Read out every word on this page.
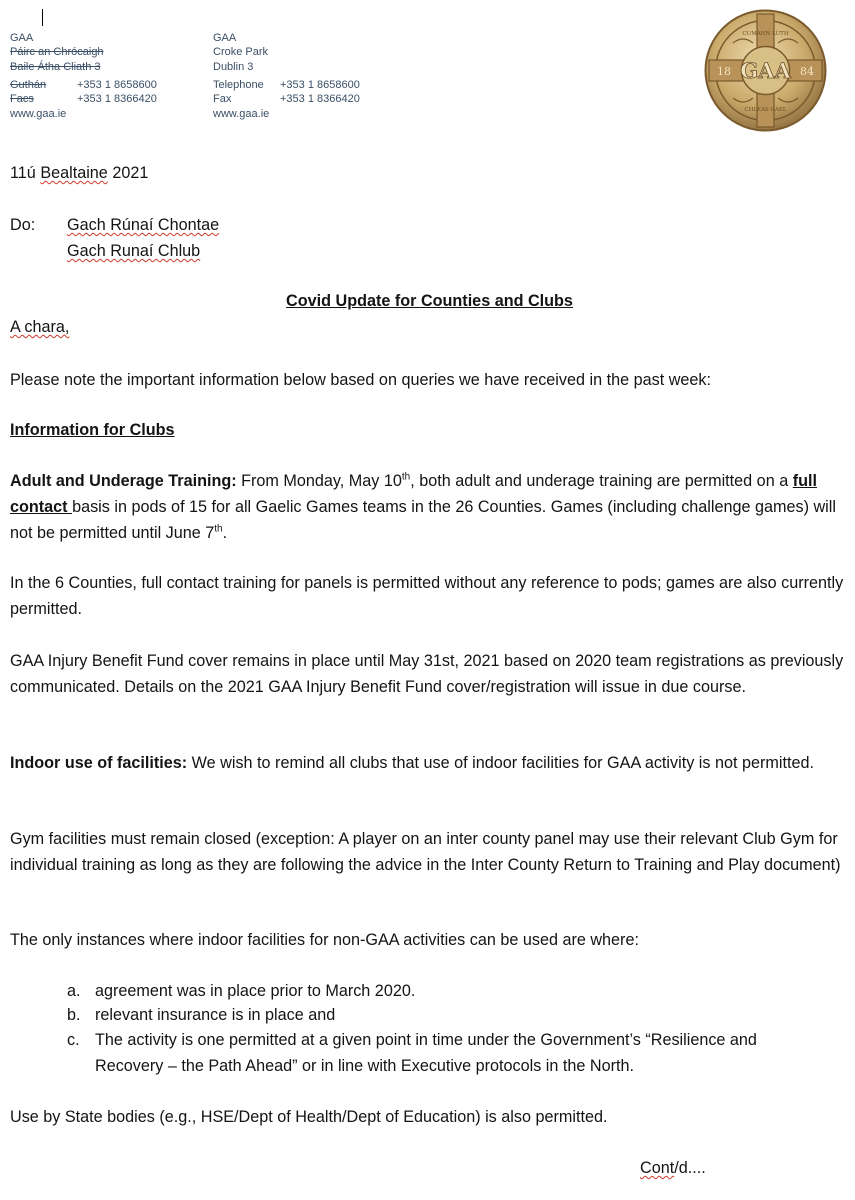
GAA
Páirc an Chrócaigh
Baile Átha Cliath 3
Guthán	+353 1 8658600
Facs	+353 1 8366420
www.gaa.ie
GAA
Croke Park
Dublin 3
Telephone +353 1 8658600
Fax	+353 1 8366420
www.gaa.ie
GAA
18	84
CUMANN LÚTH
CHLEAS GAEL
11ú Bealtaine 2021
Do: Gach Rúnaí Chontae
Gach Runaí Chlub
Covid Update for Counties and Clubs
A chara,
Please note the important information below based on queries we have received in the past week:
Information for Clubs
Adult and Underage Training: From Monday, May 10th, both adult and underage training are permitted on a full contact basis in pods of 15 for all Gaelic Games teams in the 26 Counties. Games (including challenge games) will not be permitted until June 7th.
In the 6 Counties, full contact training for panels is permitted without any reference to pods; games are also currently permitted.
GAA Injury Benefit Fund cover remains in place until May 31st, 2021 based on 2020 team registrations as previously communicated. Details on the 2021 GAA Injury Benefit Fund cover/registration will issue in due course.
Indoor use of facilities: We wish to remind all clubs that use of indoor facilities for GAA activity is not permitted.
Gym facilities must remain closed (exception: A player on an inter county panel may use their relevant Club Gym for individual training as long as they are following the advice in the Inter County Return to Training and Play document)
The only instances where indoor facilities for non-GAA activities can be used are where:
a. agreement was in place prior to March 2020.
b. relevant insurance is in place and
c. The activity is one permitted at a given point in time under the Government’s “Resilience and
Recovery – the Path Ahead” or in line with Executive protocols in the North.
Use by State bodies (e.g., HSE/Dept of Health/Dept of Education) is also permitted.
Cont/d....
